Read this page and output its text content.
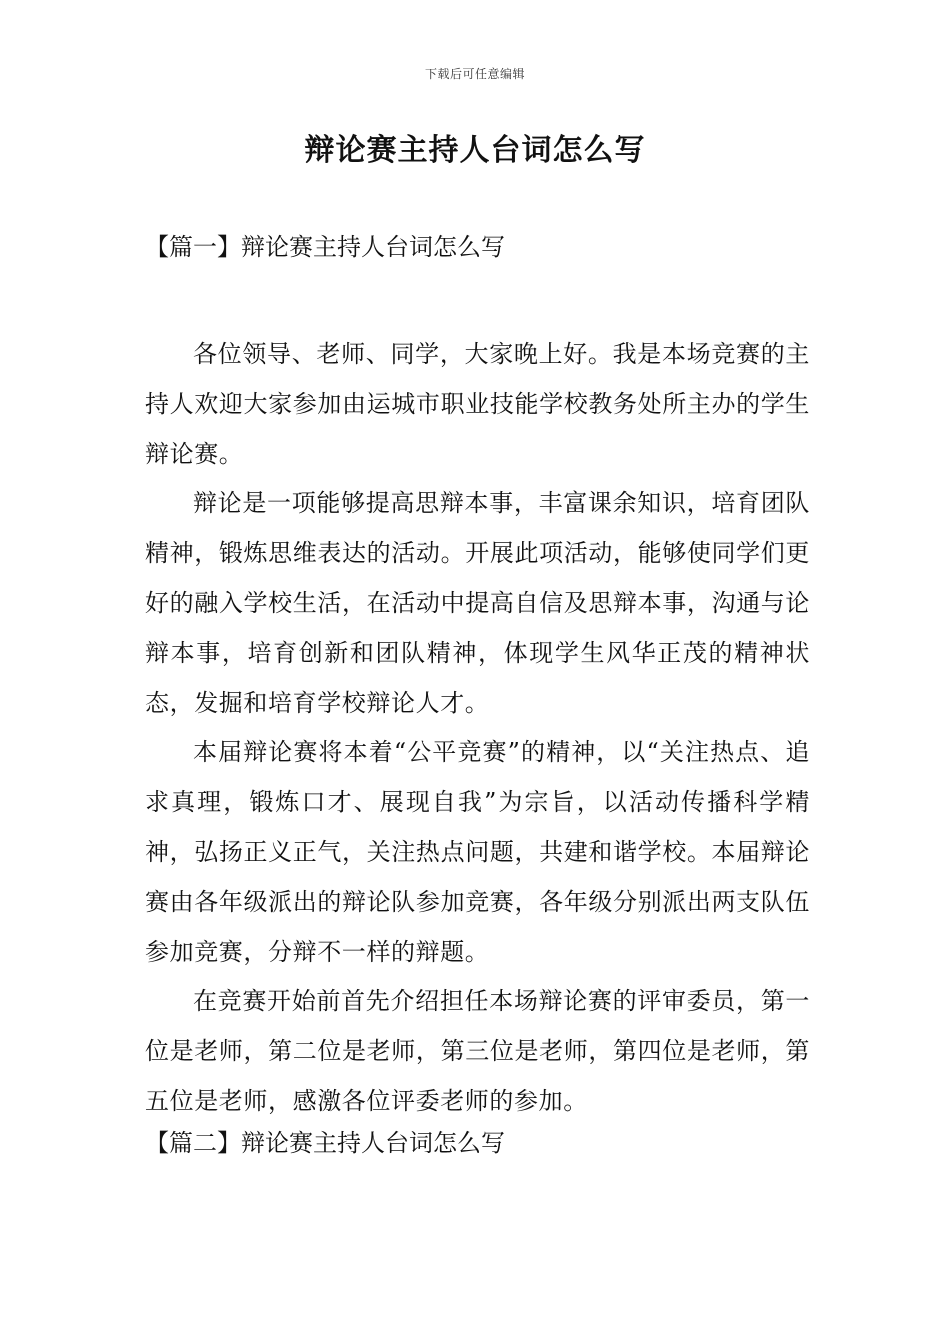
下载后可任意编辑
辩论赛主持人台词怎么写
【篇一】辩论赛主持人台词怎么写

各位领导、老师、同学，大家晚上好。我是本场竞赛的主持人欢迎大家参加由运城市职业技能学校教务处所主办的学生辩论赛。

辩论是一项能够提高思辩本事，丰富课余知识，培育团队精神，锻炼思维表达的活动。开展此项活动，能够使同学们更好的融入学校生活，在活动中提高自信及思辩本事，沟通与论辩本事，培育创新和团队精神，体现学生风华正茂的精神状态，发掘和培育学校辩论人才。

本届辩论赛将本着“公平竞赛”的精神，以“关注热点、追求真理，锻炼口才、展现自我”为宗旨，以活动传播科学精神，弘扬正义正气，关注热点问题，共建和谐学校。本届辩论赛由各年级派出的辩论队参加竞赛，各年级分别派出两支队伍参加竞赛，分辩不一样的辩题。

在竞赛开始前首先介绍担任本场辩论赛的评审委员，第一位是老师，第二位是老师，第三位是老师，第四位是老师，第五位是老师，感激各位评委老师的参加。

【篇二】辩论赛主持人台词怎么写
